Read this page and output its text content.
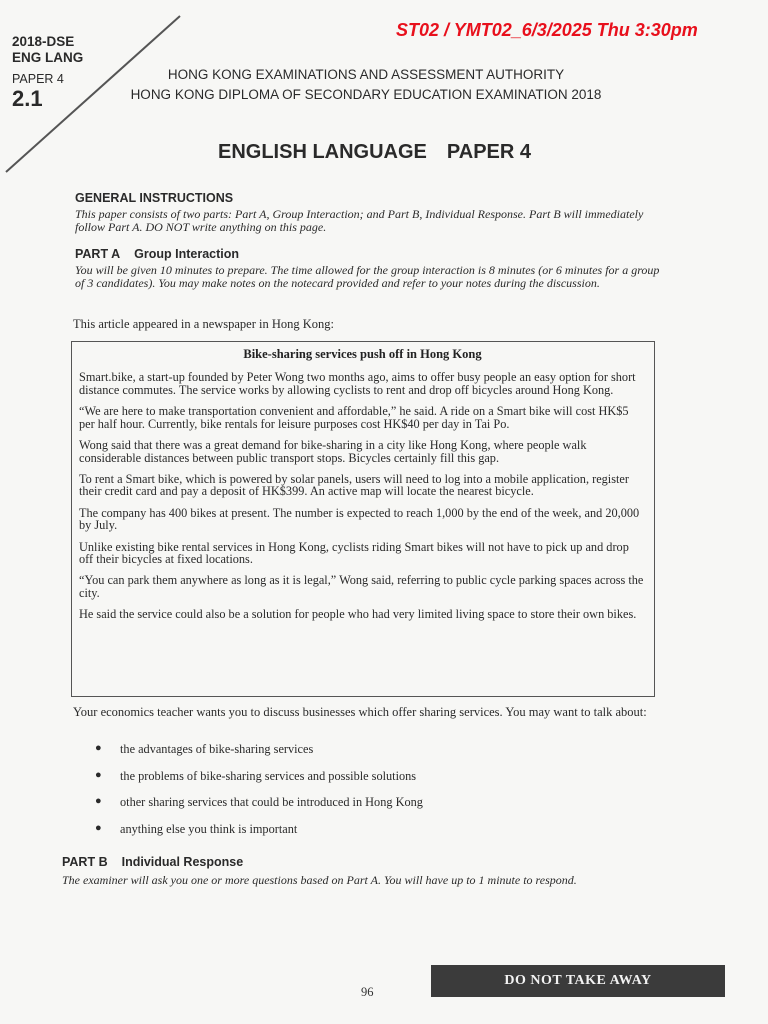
2018-DSE
ENG LANG
PAPER 4
2.1
ST02 / YMT02_6/3/2025 Thu 3:30pm
HONG KONG EXAMINATIONS AND ASSESSMENT AUTHORITY
HONG KONG DIPLOMA OF SECONDARY EDUCATION EXAMINATION 2018
ENGLISH LANGUAGE PAPER 4
GENERAL INSTRUCTIONS
This paper consists of two parts: Part A, Group Interaction; and Part B, Individual Response. Part B will immediately follow Part A. DO NOT write anything on this page.
PART A Group Interaction
You will be given 10 minutes to prepare. The time allowed for the group interaction is 8 minutes (or 6 minutes for a group of 3 candidates). You may make notes on the notecard provided and refer to your notes during the discussion.
This article appeared in a newspaper in Hong Kong:
Bike-sharing services push off in Hong Kong

Smart.bike, a start-up founded by Peter Wong two months ago, aims to offer busy people an easy option for short distance commutes. The service works by allowing cyclists to rent and drop off bicycles around Hong Kong.

“We are here to make transportation convenient and affordable,” he said. A ride on a Smart bike will cost HK$5 per half hour. Currently, bike rentals for leisure purposes cost HK$40 per day in Tai Po.

Wong said that there was a great demand for bike-sharing in a city like Hong Kong, where people walk considerable distances between public transport stops. Bicycles certainly fill this gap.

To rent a Smart bike, which is powered by solar panels, users will need to log into a mobile application, register their credit card and pay a deposit of HK$399. An active map will locate the nearest bicycle.

The company has 400 bikes at present. The number is expected to reach 1,000 by the end of the week, and 20,000 by July.

Unlike existing bike rental services in Hong Kong, cyclists riding Smart bikes will not have to pick up and drop off their bicycles at fixed locations.

“You can park them anywhere as long as it is legal,” Wong said, referring to public cycle parking spaces across the city.

He said the service could also be a solution for people who had very limited living space to store their own bikes.

Your economics teacher wants you to discuss businesses which offer sharing services. You may want to talk about:
● the advantages of bike-sharing services
● the problems of bike-sharing services and possible solutions
● other sharing services that could be introduced in Hong Kong
● anything else you think is important
PART B Individual Response
The examiner will ask you one or more questions based on Part A. You will have up to 1 minute to respond.
DO NOT TAKE AWAY
96
